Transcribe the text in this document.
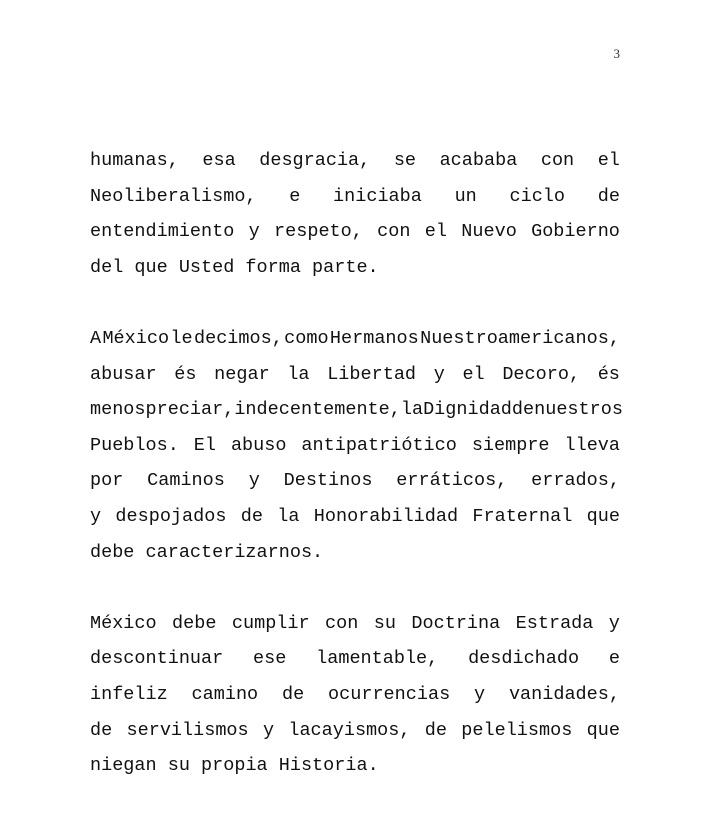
3
humanas, esa desgracia, se acababa con el
Neoliberalismo, e iniciaba un ciclo de
entendimiento y respeto, con el Nuevo Gobierno
del que Usted forma parte.
A México le decimos, como Hermanos Nuestroamericanos,
abusar és negar la Libertad y el Decoro, és
menospreciar, indecentemente, la Dignidad de nuestros
Pueblos. El abuso antipatriótico siempre lleva
por Caminos y Destinos erráticos, errados,
y despojados de la Honorabilidad Fraternal que
debe caracterizarnos.
México debe cumplir con su Doctrina Estrada y
descontinuar ese lamentable, desdichado e
infeliz camino de ocurrencias y vanidades,
de servilismos y lacayismos, de pelelismos que
niegan su propia Historia.
